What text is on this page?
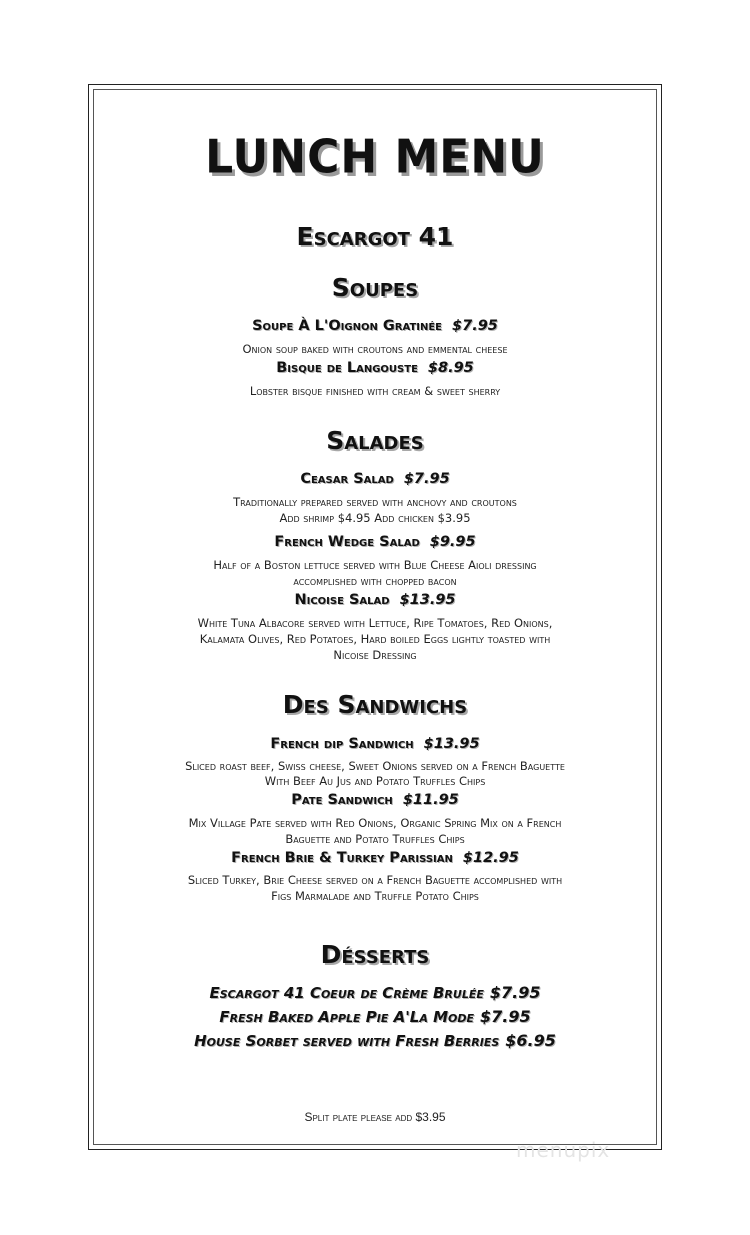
LUNCH MENU
Escargot 41
Soupes
Soupe À L'Oignon Gratinée $7.95
Onion soup baked with croutons and emmental cheese
Bisque de Langouste $8.95
Lobster bisque finished with cream & sweet sherry
Salades
Ceasar Salad $7.95
Traditionally prepared served with anchovy and croutons
Add shrimp $4.95 Add chicken $3.95
French Wedge Salad $9.95
Half of a Boston lettuce served with Blue Cheese Aioli dressing
accomplished with chopped bacon
Nicoise Salad $13.95
White Tuna Albacore served with Lettuce, Ripe Tomatoes, Red Onions,
Kalamata Olives, Red Potatoes, Hard boiled Eggs lightly toasted with
Nicoise Dressing
Des Sandwichs
French dip Sandwich $13.95
Sliced roast beef, Swiss cheese, Sweet Onions served on a French Baguette
With Beef Au Jus and Potato Truffles Chips
Pate Sandwich $11.95
Mix Village Pate served with Red Onions, Organic Spring Mix on a French
Baguette and Potato Truffles Chips
French Brie & Turkey Parissian $12.95
Sliced Turkey, Brie Cheese served on a French Baguette accomplished with
Figs Marmalade and Truffle Potato Chips
Désserts
Escargot 41 Coeur de Crème Brulée $7.95
Fresh Baked Apple Pie A'La Mode $7.95
House Sorbet served with Fresh Berries $6.95
Split plate please add $3.95
menupix
